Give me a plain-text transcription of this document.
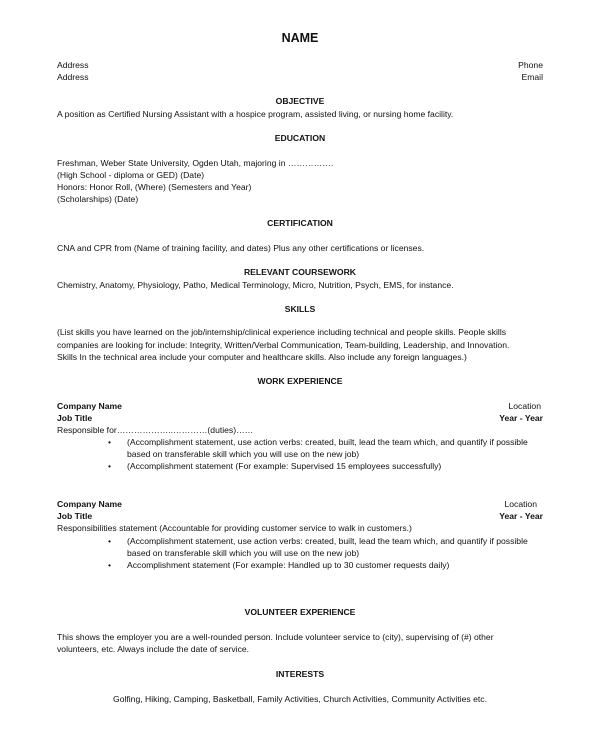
NAME
Address
Address
Phone
Email
OBJECTIVE
A position as Certified Nursing Assistant with a hospice program, assisted living, or nursing home facility.
EDUCATION
Freshman, Weber State University, Ogden Utah, majoring in …………….
(High School - diploma or GED) (Date)
Honors: Honor Roll, (Where) (Semesters and Year)
(Scholarships) (Date)
CERTIFICATION
CNA and CPR from (Name of training facility, and dates) Plus any other certifications or licenses.
RELEVANT COURSEWORK
Chemistry, Anatomy, Physiology, Patho, Medical Terminology, Micro, Nutrition, Psych, EMS, for instance.
SKILLS
(List skills you have learned on the job/internship/clinical experience including technical and people skills. People skills
companies are looking for include: Integrity, Written/Verbal Communication, Team-building, Leadership, and Innovation.
Skills In the technical area include your computer and healthcare skills. Also include any foreign languages.)
WORK EXPERIENCE
Company Name	Location
Job Title	Year - Year
Responsible for………………..…………(duties)……
• (Accomplishment statement, use action verbs: created, built, lead the team which, and quantify if possible
based on transferable skill which you will use on the new job)
• (Accomplishment statement (For example: Supervised 15 employees successfully)
Company Name	Location
Job Title	Year - Year
Responsibilities statement (Accountable for providing customer service to walk in customers.)
• (Accomplishment statement, use action verbs: created, built, lead the team which, and quantify if possible
based on transferable skill which you will use on the new job)
• Accomplishment statement (For example: Handled up to 30 customer requests daily)
VOLUNTEER EXPERIENCE
This shows the employer you are a well-rounded person. Include volunteer service to (city), supervising of (#) other
volunteers, etc. Always include the date of service.
INTERESTS
Golfing, Hiking, Camping, Basketball, Family Activities, Church Activities, Community Activities etc.
